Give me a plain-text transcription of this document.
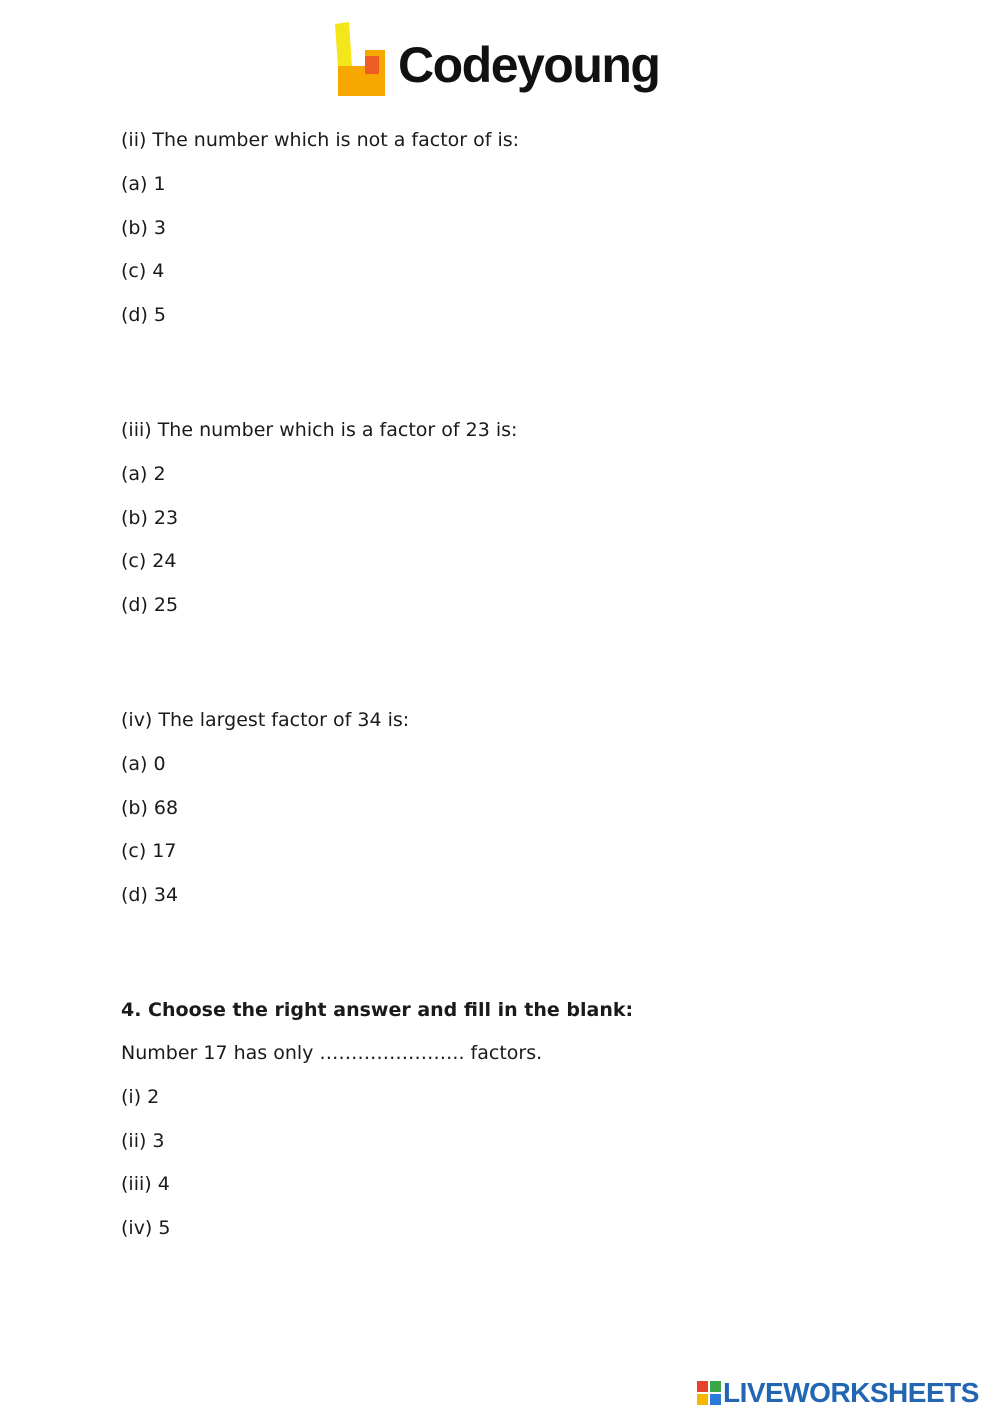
Codeyoung
(ii) The number which is not a factor of is:
(a) 1
(b) 3
(c) 4
(d) 5
(iii) The number which is a factor of 23 is:
(a) 2
(b) 23
(c) 24
(d) 25
(iv) The largest factor of 34 is:
(a) 0
(b) 68
(c) 17
(d) 34
4. Choose the right answer and fill in the blank:
Number 17 has only ………………….. factors.
(i) 2
(ii) 3
(iii) 4
(iv) 5
LIVEWORKSHEETS
